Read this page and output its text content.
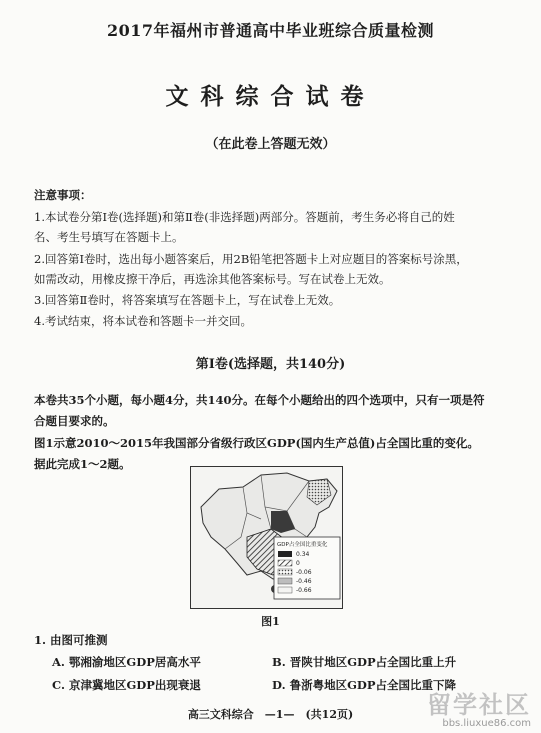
2017年福州市普通高中毕业班综合质量检测
文科综合试卷
（在此卷上答题无效）
注意事项：
1.本试卷分第Ⅰ卷(选择题)和第Ⅱ卷(非选择题)两部分。答题前，考生务必将自己的姓
名、考生号填写在答题卡上。
2.回答第Ⅰ卷时，选出每小题答案后，用2B铅笔把答题卡上对应题目的答案标号涂黑，
如需改动，用橡皮擦干净后，再选涂其他答案标号。写在试卷上无效。
3.回答第Ⅱ卷时，将答案填写在答题卡上，写在试卷上无效。
4.考试结束，将本试卷和答题卡一并交回。
第Ⅰ卷(选择题，共140分)
本卷共35个小题，每小题4分，共140分。在每个小题给出的四个选项中，只有一项是符
合题目要求的。
图1示意2010～2015年我国部分省级行政区GDP(国内生产总值)占全国比重的变化。
据此完成1～2题。
GDP占全国比重变化
0.34
0
-0.06
-0.46
-0.66
图1
1. 由图可推测
A. 鄂湘渝地区GDP居高水平	B. 晋陕甘地区GDP占全国比重上升
C. 京津冀地区GDP出现衰退	D. 鲁浙粤地区GDP占全国比重下降
高三文科综合　—1—　(共12页)	留学社区
bbs.liuxue86.com
